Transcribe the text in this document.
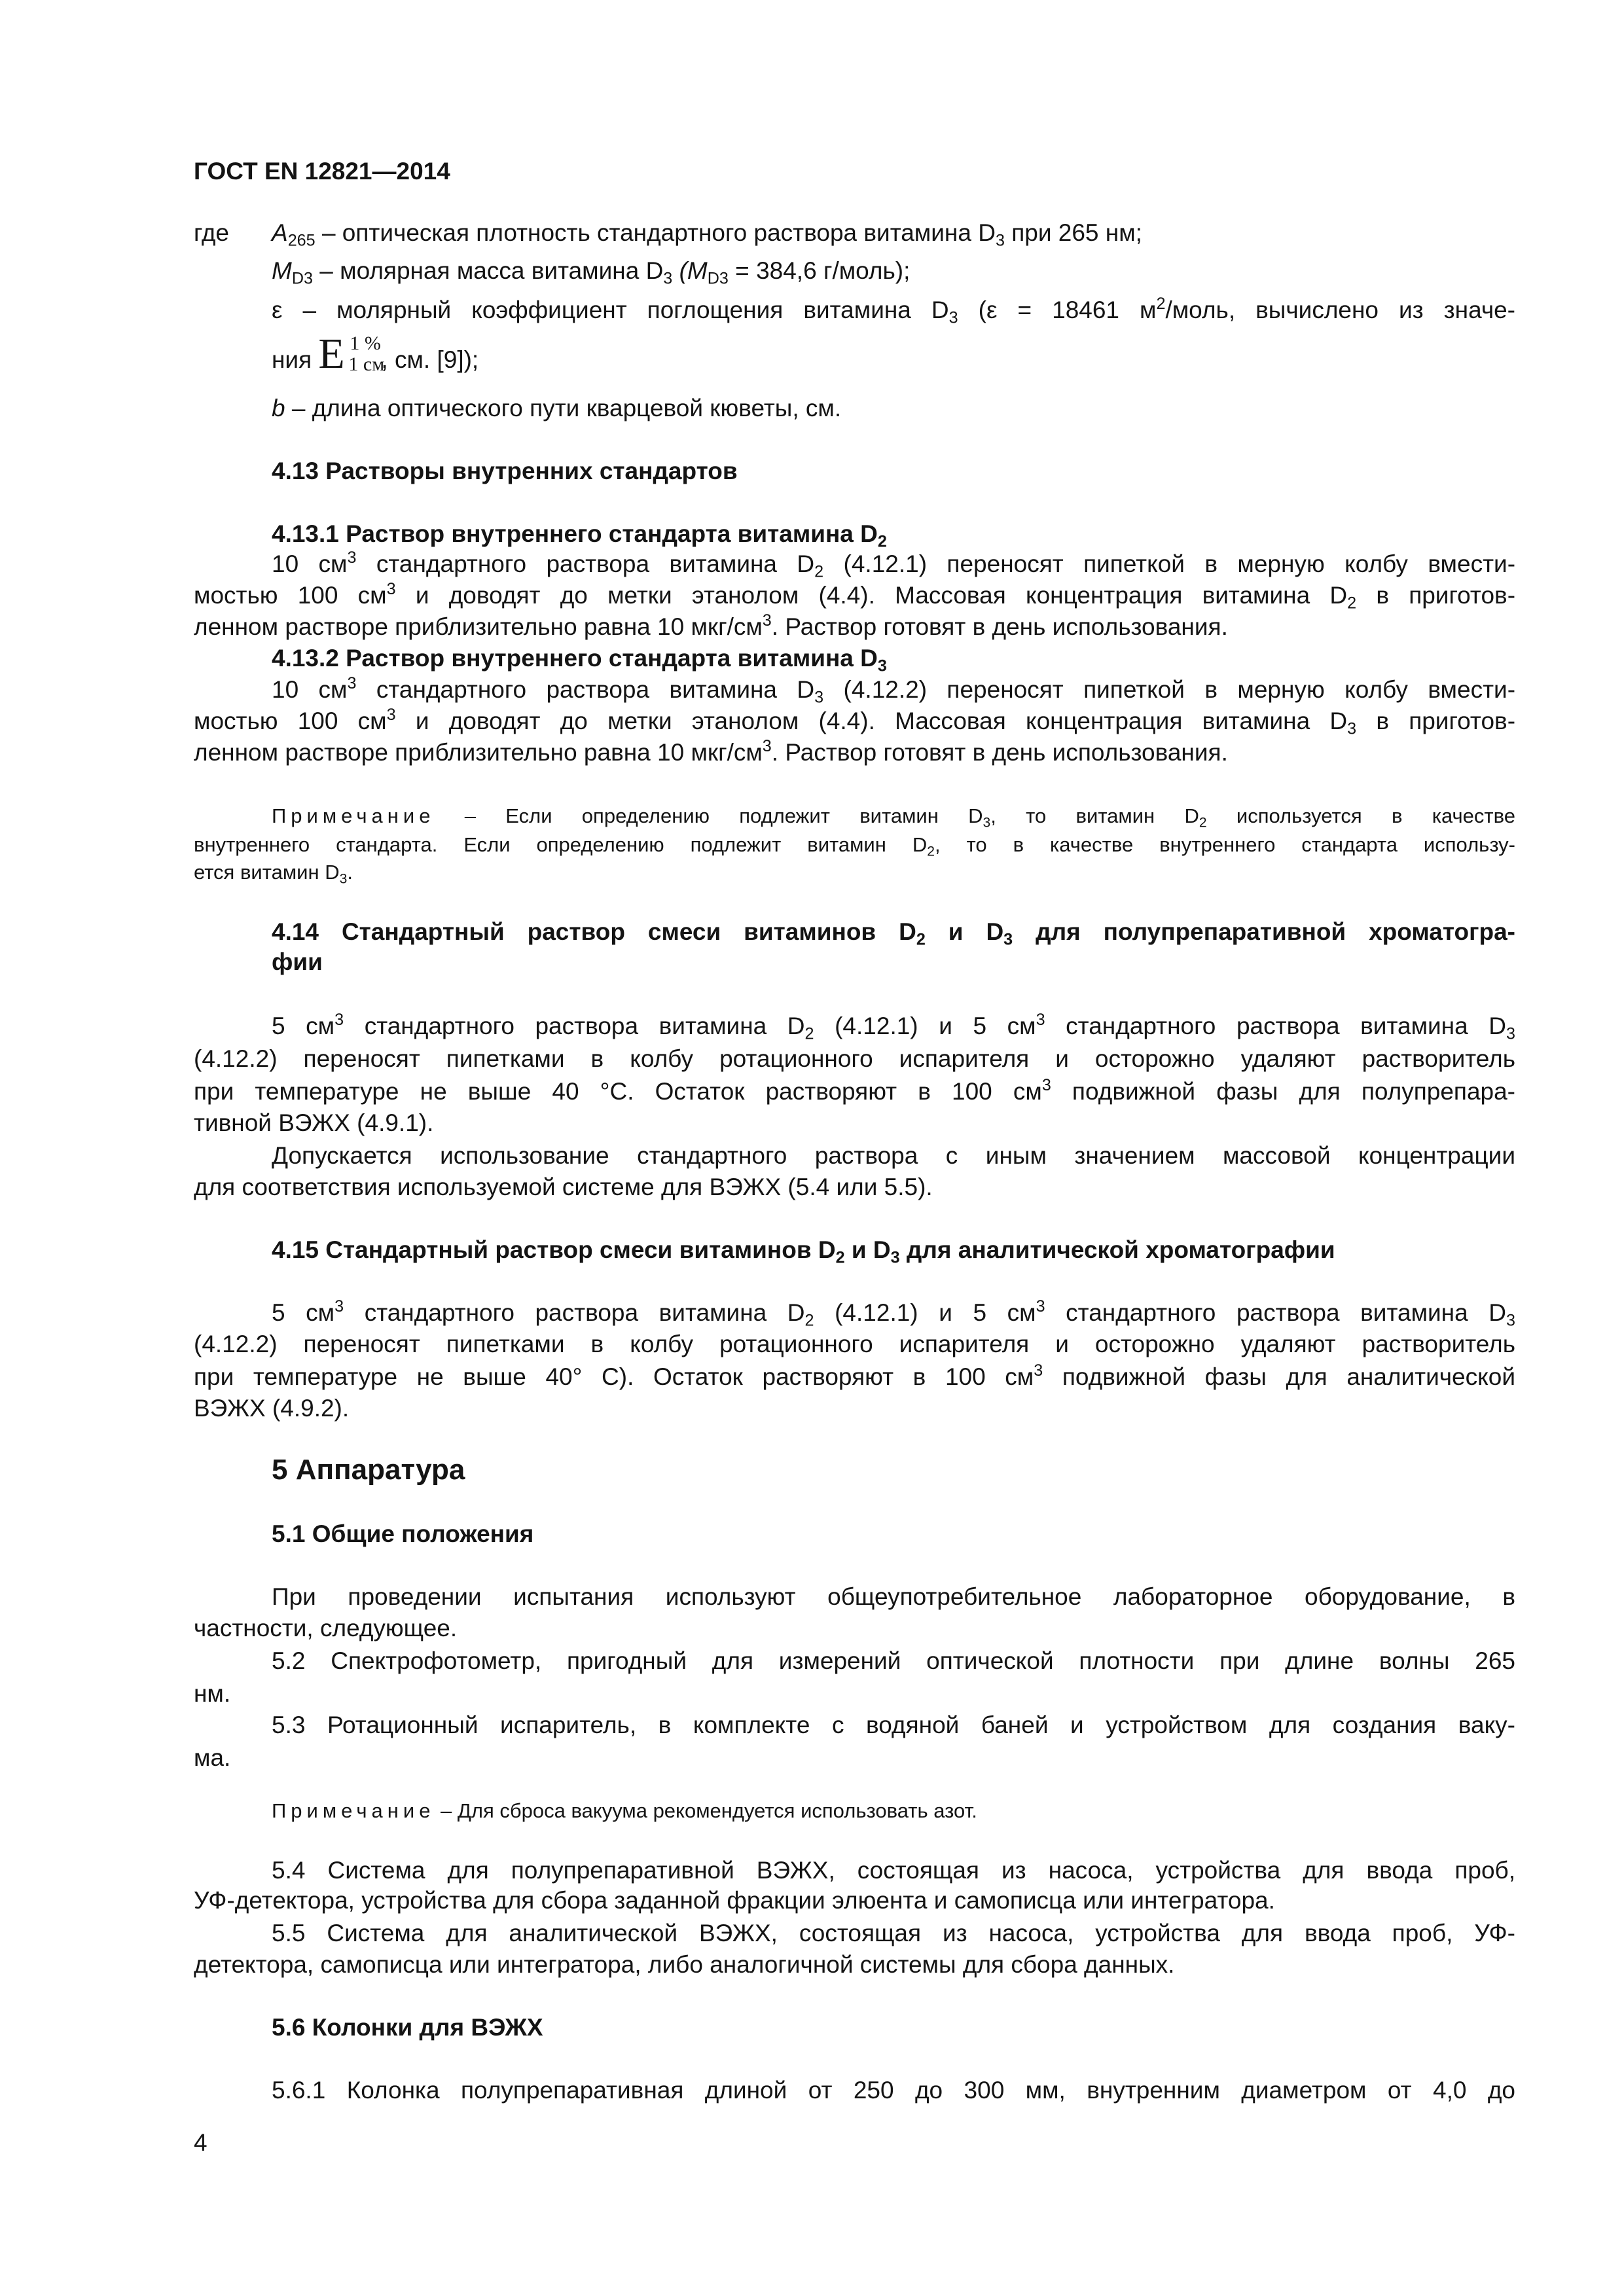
ГОСТ EN 12821—2014
где $A_{265}$ – оптическая плотность стандартного раствора витамина $D_3$ при 265 нм;
$M_{D3}$ – молярная масса витамина $D_3$ ($M_{D3} = 384,6$ г/моль);
ε – молярный коэффициент поглощения витамина $D_3$ (ε = 18461 $м^2$/моль, вычислено из значе-
ния E 1 %
1 см
, см. [9]);
b – длина оптического пути кварцевой кюветы, см.
4.13 Растворы внутренних стандартов
4.13.1 Раствор внутреннего стандарта витамина $D_2$
10 $см^3$ стандартного раствора витамина $D_2$ (4.12.1) переносят пипеткой в мерную колбу вмести-
мостью 100 $см^3$ и доводят до метки этанолом (4.4). Массовая концентрация витамина $D_2$ в приготов-
ленном растворе приблизительно равна 10 мкг/$см^3$. Раствор готовят в день использования.
4.13.2 Раствор внутреннего стандарта витамина $D_3$
10 $см^3$ стандартного раствора витамина $D_3$ (4.12.2) переносят пипеткой в мерную колбу вмести-
мостью 100 $см^3$ и доводят до метки этанолом (4.4). Массовая концентрация витамина $D_3$ в приготов-
ленном растворе приблизительно равна 10 мкг/$см^3$. Раствор готовят в день использования.
Примечание – Если определению подлежит витамин $D_3$, то витамин $D_2$ используется в качестве
внутреннего стандарта. Если определению подлежит витамин $D_2$, то в качестве внутреннего стандарта использу-
ется витамин $D_3$.
4.14 Стандартный раствор смеси витаминов $D_2$ и $D_3$ для полупрепаративной хроматогра-
фии
5 $см^3$ стандартного раствора витамина $D_2$ (4.12.1) и 5 $см^3$ стандартного раствора витамина $D_3$
(4.12.2) переносят пипетками в колбу ротационного испарителя и осторожно удаляют растворитель
при температуре не выше 40 °С. Остаток растворяют в 100 $см^3$ подвижной фазы для полупрепара-
тивной ВЭЖХ (4.9.1).
Допускается использование стандартного раствора с иным значением массовой концентрации
для соответствия используемой системе для ВЭЖХ (5.4 или 5.5).
4.15 Стандартный раствор смеси витаминов $D_2$ и $D_3$ для аналитической хроматографии
5 $см^3$ стандартного раствора витамина $D_2$ (4.12.1) и 5 $см^3$ стандартного раствора витамина $D_3$
(4.12.2) переносят пипетками в колбу ротационного испарителя и осторожно удаляют растворитель
при температуре не выше 40° С). Остаток растворяют в 100 $см^3$ подвижной фазы для аналитической
ВЭЖХ (4.9.2).
5 Аппаратура
5.1 Общие положения
При проведении испытания используют общеупотребительное лабораторное оборудование, в
частности, следующее.
5.2 Спектрофотометр, пригодный для измерений оптической плотности при длине волны 265
нм.
5.3 Ротационный испаритель, в комплекте с водяной баней и устройством для создания ваку-
ма.
Примечание – Для сброса вакуума рекомендуется использовать азот.
5.4 Система для полупрепаративной ВЭЖХ, состоящая из насоса, устройства для ввода проб,
УФ-детектора, устройства для сбора заданной фракции элюента и самописца или интегратора.
5.5 Система для аналитической ВЭЖХ, состоящая из насоса, устройства для ввода проб, УФ-
детектора, самописца или интегратора, либо аналогичной системы для сбора данных.
5.6 Колонки для ВЭЖХ
5.6.1 Колонка полупрепаративная длиной от 250 до 300 мм, внутренним диаметром от 4,0 до
4
